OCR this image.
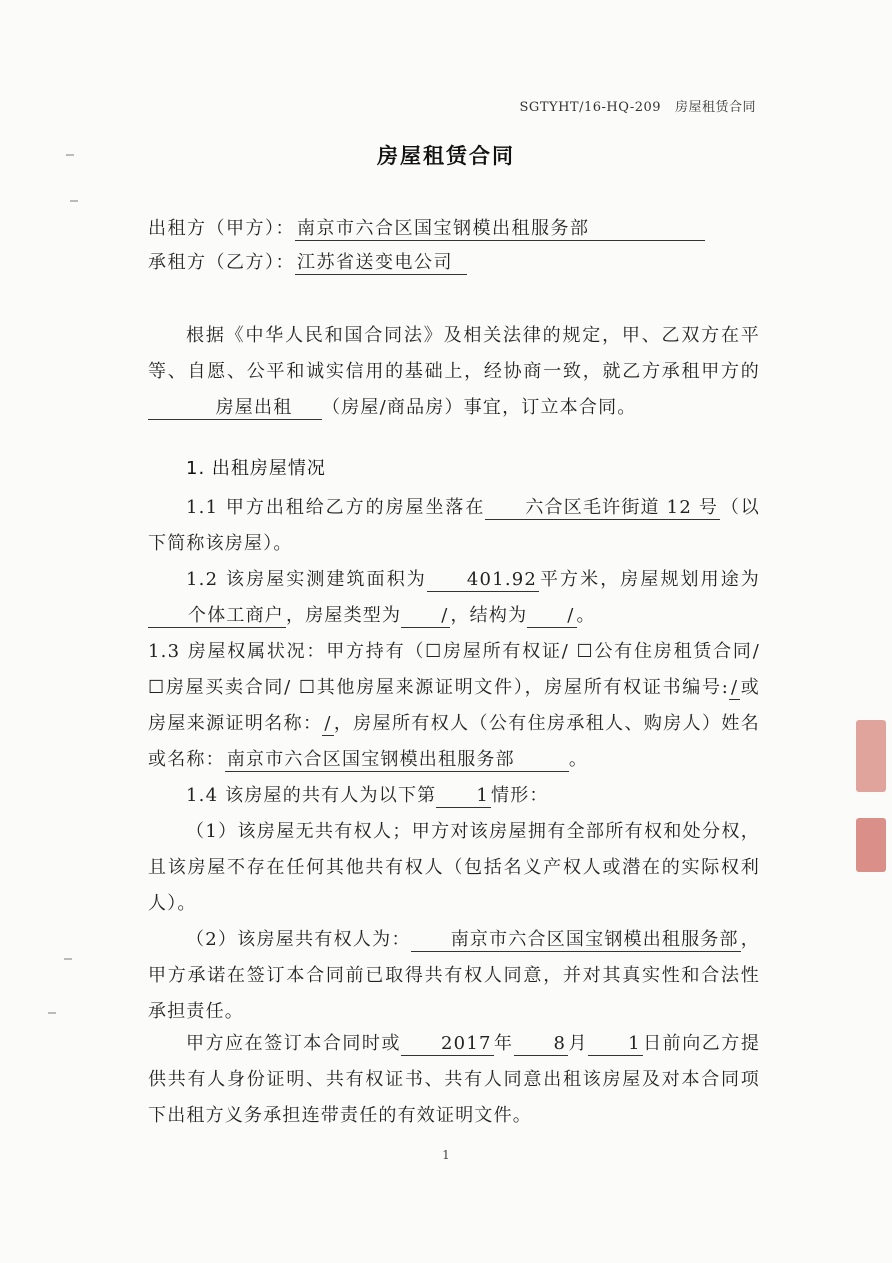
SGTYHT/16-HQ-209 房屋租赁合同
房屋租赁合同
出租方（甲方）： 南京市六合区国宝钢模出租服务部
承租方（乙方）： 江苏省送变电公司
根据《中华人民和国合同法》及相关法律的规定，甲、乙双方在平等、自愿、公平和诚实信用的基础上，经协商一致，就乙方承租甲方的房屋出租 （房屋/商品房）事宜，订立本合同。
1. 出租房屋情况
1.1 甲方出租给乙方的房屋坐落在 六合区毛许街道 12 号 （以下简称该房屋）。
1.2 该房屋实测建筑面积为 401.92 平方米，房屋规划用途为个体工商户 ，房屋类型为 / ，结构为 / 。
1.3 房屋权属状况：甲方持有（☐房屋所有权证/ ☐公有住房租赁合同/ ☐房屋买卖合同/ ☐其他房屋来源证明文件），房屋所有权证书编号: / 或房屋来源证明名称： / ，房屋所有权人（公有住房承租人、购房人）姓名或名称： 南京市六合区国宝钢模出租服务部	。
1.4 该房屋的共有人为以下第 1 情形：
（1）该房屋无共有权人；甲方对该房屋拥有全部所有权和处分权，且该房屋不存在任何其他共有权人（包括名义产权人或潜在的实际权利人）。
（2）该房屋共有权人为： 南京市六合区国宝钢模出租服务部 ，甲方承诺在签订本合同前已取得共有权人同意，并对其真实性和合法性承担责任。
甲方应在签订本合同时或 2017 年 8 月 1 日前向乙方提供共有人身份证明、共有权证书、共有人同意出租该房屋及对本合同项下出租方义务承担连带责任的有效证明文件。
1
